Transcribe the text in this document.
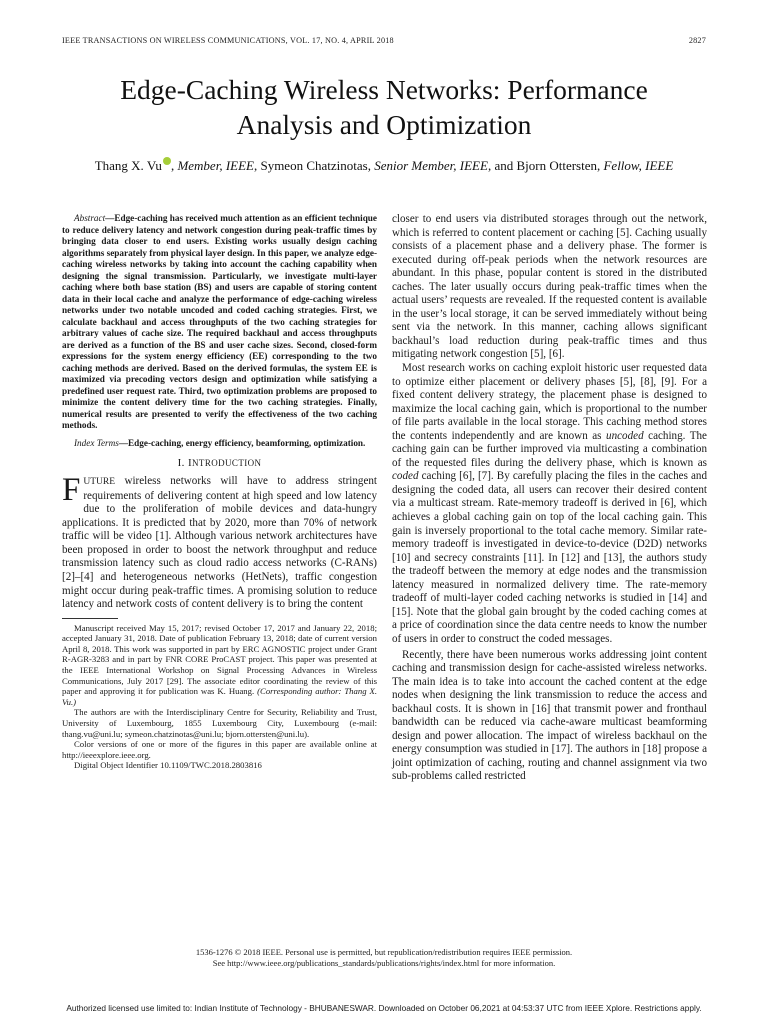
IEEE TRANSACTIONS ON WIRELESS COMMUNICATIONS, VOL. 17, NO. 4, APRIL 2018	2827
Edge-Caching Wireless Networks: Performance
Analysis and Optimization
Thang X. Vu , Member, IEEE, Symeon Chatzinotas, Senior Member, IEEE, and Bjorn Ottersten, Fellow, IEEE
Abstract—Edge-caching has received much attention as an efficient technique to reduce delivery latency and network congestion during peak-traffic times by bringing data closer to end users. Existing works usually design caching algorithms separately from physical layer design. In this paper, we analyze edge-caching wireless networks by taking into account the caching capability when designing the signal transmission. Particularly, we investigate multi-layer caching where both base station (BS) and users are capable of storing content data in their local cache and analyze the performance of edge-caching wireless networks under two notable uncoded and coded caching strategies. First, we calculate backhaul and access throughputs of the two caching strategies for arbitrary values of cache size. The required backhaul and access throughputs are derived as a function of the BS and user cache sizes. Second, closed-form expressions for the system energy efficiency (EE) corresponding to the two caching methods are derived. Based on the derived formulas, the system EE is maximized via precoding vectors design and optimization while satisfying a predefined user request rate. Third, two optimization problems are proposed to minimize the content delivery time for the two caching strategies. Finally, numerical results are presented to verify the effectiveness of the two caching methods.
Index Terms—Edge-caching, energy efficiency, beamforming, optimization.
I. INTRODUCTION
FUTURE wireless networks will have to address stringent requirements of delivering content at high speed and low latency due to the proliferation of mobile devices and data-hungry applications. It is predicted that by 2020, more than 70% of network traffic will be video [1]. Although various network architectures have been proposed in order to boost the network throughput and reduce transmission latency such as cloud radio access networks (C-RANs) [2]–[4] and heterogeneous networks (HetNets), traffic congestion might occur during peak-traffic times. A promising solution to reduce latency and network costs of content delivery is to bring the content
Manuscript received May 15, 2017; revised October 17, 2017 and January 22, 2018; accepted January 31, 2018. Date of publication February 13, 2018; date of current version April 8, 2018. This work was supported in part by ERC AGNOSTIC project under Grant R-AGR-3283 and in part by FNR CORE ProCAST project. This paper was presented at the IEEE International Workshop on Signal Processing Advances in Wireless Communications, July 2017 [29]. The associate editor coordinating the review of this paper and approving it for publication was K. Huang. (Corresponding author: Thang X. Vu.)
The authors are with the Interdisciplinary Centre for Security, Reliability and Trust, University of Luxembourg, 1855 Luxembourg City, Luxembourg (e-mail: thang.vu@uni.lu; symeon.chatzinotas@uni.lu; bjorn.ottersten@uni.lu).
Color versions of one or more of the figures in this paper are available online at http://ieeexplore.ieee.org.
Digital Object Identifier 10.1109/TWC.2018.2803816

closer to end users via distributed storages through out the network, which is referred to content placement or caching [5]. Caching usually consists of a placement phase and a delivery phase. The former is executed during off-peak periods when the network resources are abundant. In this phase, popular content is stored in the distributed caches. The later usually occurs during peak-traffic times when the actual users’ requests are revealed. If the requested content is available in the user’s local storage, it can be served immediately without being sent via the network. In this manner, caching allows significant backhaul’s load reduction during peak-traffic times and thus mitigating network congestion [5], [6].

Most research works on caching exploit historic user requested data to optimize either placement or delivery phases [5], [8], [9]. For a fixed content delivery strategy, the placement phase is designed to maximize the local caching gain, which is proportional to the number of file parts available in the local storage. This caching method stores the contents independently and are known as uncoded caching. The caching gain can be further improved via multicasting a combination of the requested files during the delivery phase, which is known as coded caching [6], [7]. By carefully placing the files in the caches and designing the coded data, all users can recover their desired content via a multicast stream. Rate-memory tradeoff is derived in [6], which achieves a global caching gain on top of the local caching gain. This gain is inversely proportional to the total cache memory. Similar rate-memory tradeoff is investigated in device-to-device (D2D) networks [10] and secrecy constraints [11]. In [12] and [13], the authors study the tradeoff between the memory at edge nodes and the transmission latency measured in normalized delivery time. The rate-memory tradeoff of multi-layer coded caching networks is studied in [14] and [15]. Note that the global gain brought by the coded caching comes at a price of coordination since the data centre needs to know the number of users in order to construct the coded messages.

Recently, there have been numerous works addressing joint content caching and transmission design for cache-assisted wireless networks. The main idea is to take into account the cached content at the edge nodes when designing the link transmission to reduce the access and backhaul costs. It is shown in [16] that transmit power and fronthaul bandwidth can be reduced via cache-aware multicast beamforming design and power allocation. The impact of wireless backhaul on the energy consumption was studied in [17]. The authors in [18] propose a joint optimization of caching, routing and channel assignment via two sub-problems called restricted

1536-1276 © 2018 IEEE. Personal use is permitted, but republication/redistribution requires IEEE permission.
See http://www.ieee.org/publications_standards/publications/rights/index.html for more information.
Authorized licensed use limited to: Indian Institute of Technology - BHUBANESWAR. Downloaded on October 06,2021 at 04:53:37 UTC from IEEE Xplore. Restrictions apply.
